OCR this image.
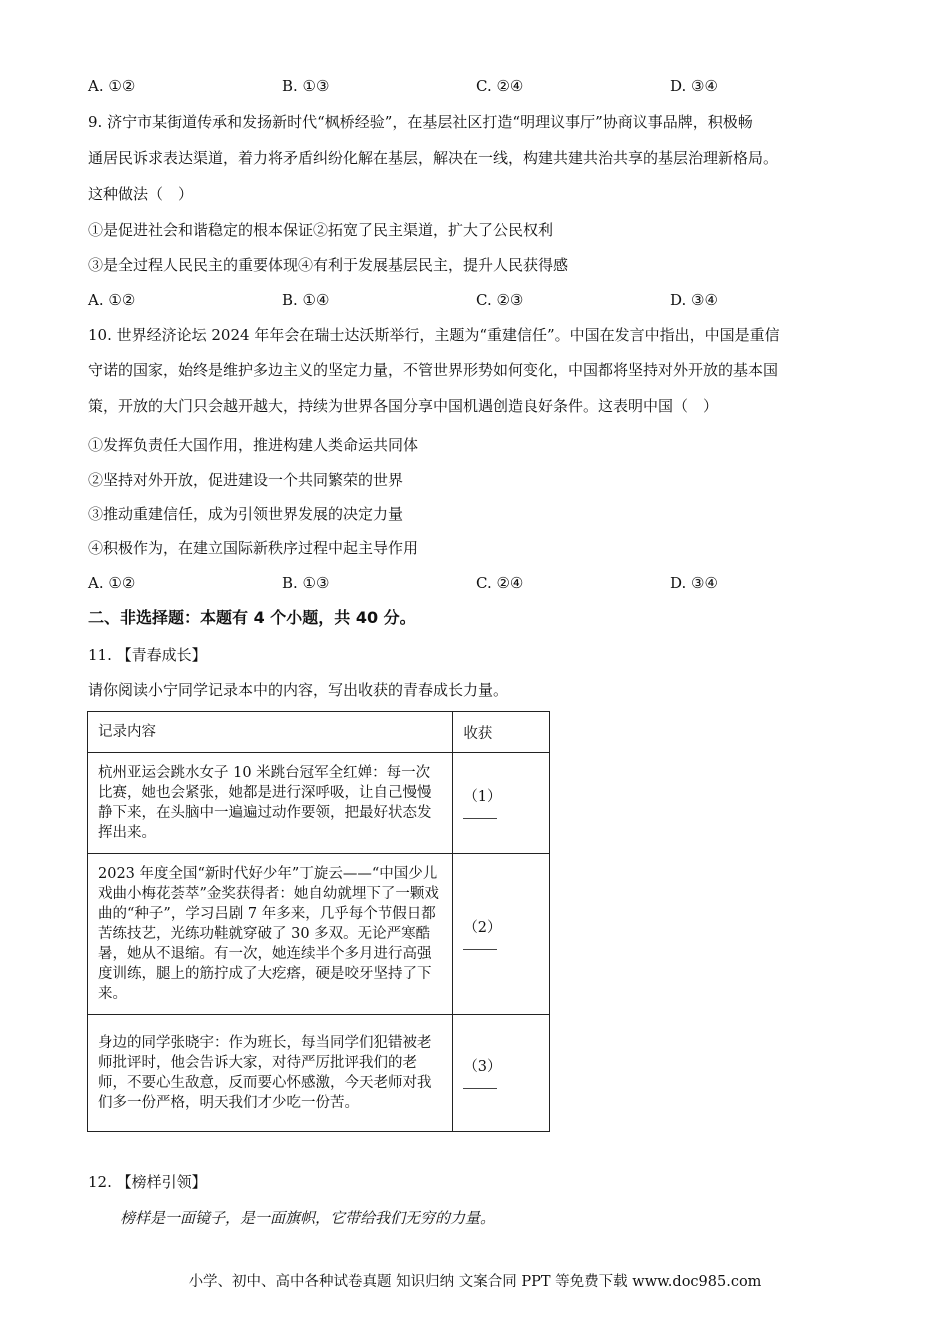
A. ①②	B. ①③	C. ②④	D. ③④
9. 济宁市某街道传承和发扬新时代“枫桥经验”，在基层社区打造“明理议事厅”协商议事品牌，积极畅
通居民诉求表达渠道，着力将矛盾纠纷化解在基层，解决在一线，构建共建共治共享的基层治理新格局。
这种做法（　）
①是促进社会和谐稳定的根本保证②拓宽了民主渠道，扩大了公民权利
③是全过程人民民主的重要体现④有利于发展基层民主，提升人民获得感
A. ①②	B. ①④	C. ②③	D. ③④
10. 世界经济论坛 2024 年年会在瑞士达沃斯举行，主题为“重建信任”。中国在发言中指出，中国是重信
守诺的国家，始终是维护多边主义的坚定力量，不管世界形势如何变化，中国都将坚持对外开放的基本国
策，开放的大门只会越开越大，持续为世界各国分享中国机遇创造良好条件。这表明中国（　）
①发挥负责任大国作用，推进构建人类命运共同体
②坚持对外开放，促进建设一个共同繁荣的世界
③推动重建信任，成为引领世界发展的决定力量
④积极作为，在建立国际新秩序过程中起主导作用
A. ①②	B. ①③	C. ②④	D. ③④
二、非选择题：本题有 4 个小题，共 40 分。
11. 【青春成长】
请你阅读小宁同学记录本中的内容，写出收获的青春成长力量。
记录内容	收获
杭州亚运会跳水女子 10 米跳台冠军全红婵：每一次比赛，她也会紧张，她都是进行深呼吸，让自己慢慢静下来，在头脑中一遍遍过动作要领，把最好状态发挥出来。	（1）

2023 年度全国“新时代好少年”丁旋云——“中国少儿戏曲小梅花荟萃”金奖获得者：她自幼就埋下了一颗戏曲的“种子”，学习吕剧 7 年多来，几乎每个节假日都苦练技艺，光练功鞋就穿破了 30 多双。无论严寒酷暑，她从不退缩。有一次，她连续半个多月进行高强度训练，腿上的筋拧成了大疙瘩，硬是咬牙坚持了下来。	（2）

身边的同学张晓宇：作为班长，每当同学们犯错被老师批评时，他会告诉大家，对待严厉批评我们的老师，不要心生敌意，反而要心怀感激，今天老师对我们多一份严格，明天我们才少吃一份苦。	（3）
12. 【榜样引领】
榜样是一面镜子，是一面旗帜，它带给我们无穷的力量。
小学、初中、高中各种试卷真题 知识归纳 文案合同 PPT 等免费下载 www.doc985.com
